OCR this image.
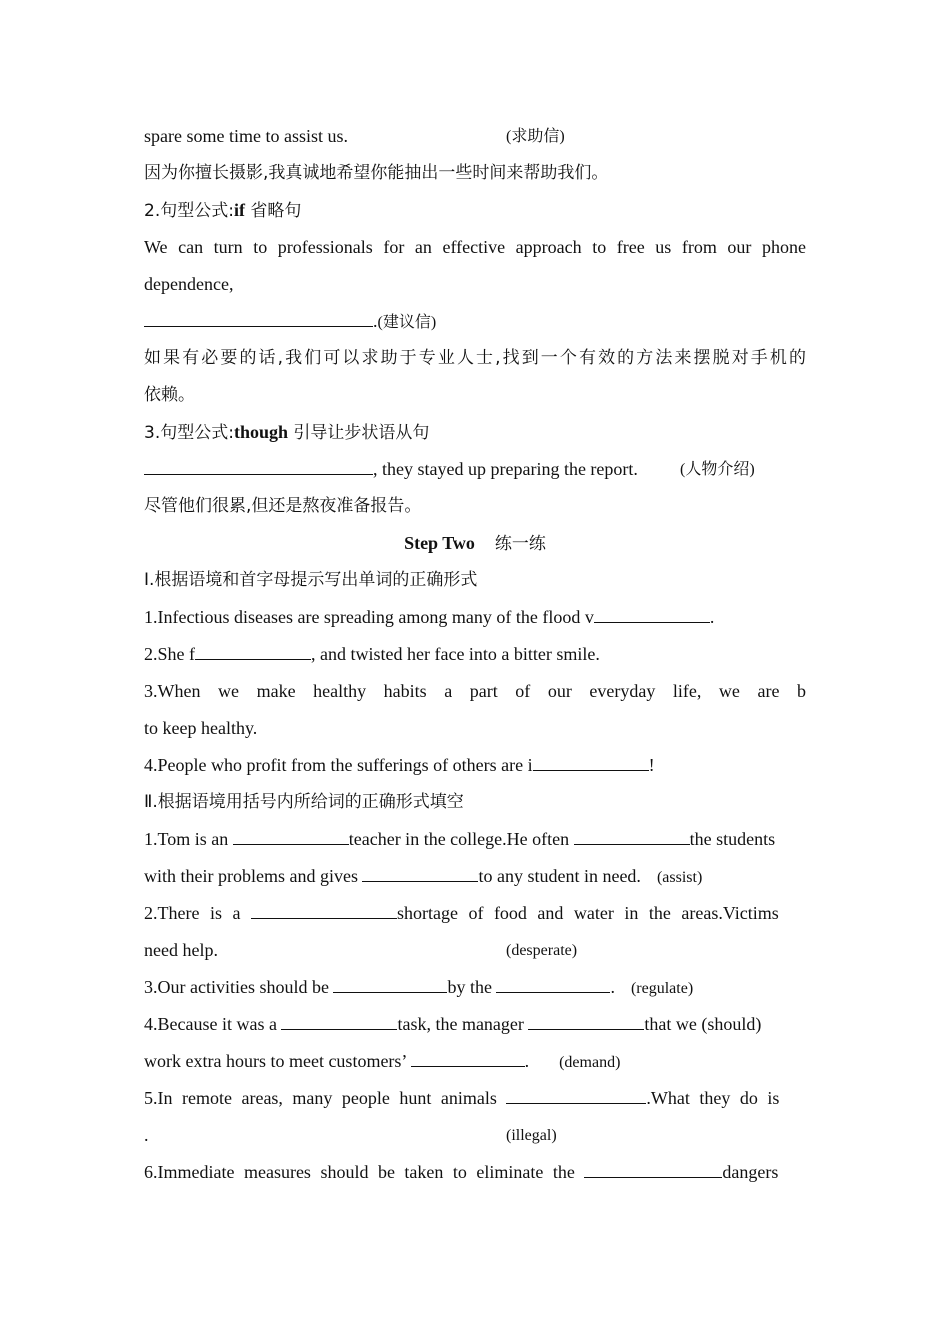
spare some time to assist us.	(求助信)
因为你擅长摄影,我真诚地希望你能抽出一些时间来帮助我们。
2.句型公式:if 省略句
We can turn to professionals for an effective approach to free us from our phone
dependence,
.(建议信)
如果有必要的话,我们可以求助于专业人士,找到一个有效的方法来摆脱对手机的
依赖。
3.句型公式:though 引导让步状语从句
, they stayed up preparing the report.	(人物介绍)
尽管他们很累,但还是熬夜准备报告。
Step Two 练一练
Ⅰ.根据语境和首字母提示写出单词的正确形式
1.Infectious diseases are spreading among many of the flood v	.
2.She f	, and twisted her face into a bitter smile.
3.When we make healthy habits a part of our everyday life, we are b
to keep healthy.
4.People who profit from the sufferings of others are i	!
Ⅱ.根据语境用括号内所给词的正确形式填空
1.Tom is an	teacher in the college.He often	the students
with their problems and gives	to any student in need. (assist)
2.There is a	shortage of food and water in the areas.Victims
need help.	(desperate)
3.Our activities should be	by the	. (regulate)
4.Because it was a	task, the manager	that we (should)
work extra hours to meet customers’	. (demand)
5.In remote areas, many people hunt animals	.What they do is
.	(illegal)
6.Immediate measures should be taken to eliminate the	dangers
